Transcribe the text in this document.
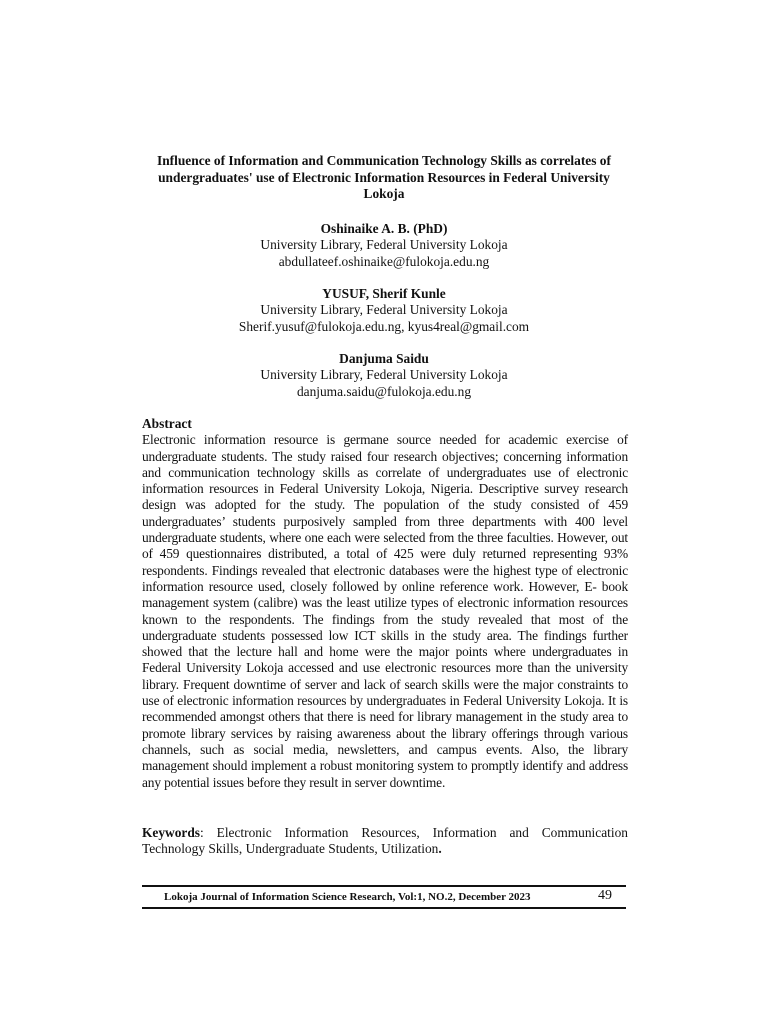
Influence of Information and Communication Technology Skills as correlates of undergraduates' use of Electronic Information Resources in Federal University Lokoja
Oshinaike A. B. (PhD)
University Library, Federal University Lokoja
abdullateef.oshinaike@fulokoja.edu.ng
YUSUF, Sherif Kunle
University Library, Federal University Lokoja
Sherif.yusuf@fulokoja.edu.ng, kyus4real@gmail.com
Danjuma Saidu
University Library, Federal University Lokoja
danjuma.saidu@fulokoja.edu.ng
Abstract

Electronic information resource is germane source needed for academic exercise of undergraduate students. The study raised four research objectives; concerning information and communication technology skills as correlate of undergraduates use of electronic information resources in Federal University Lokoja, Nigeria. Descriptive survey research design was adopted for the study. The population of the study consisted of 459 undergraduates’ students purposively sampled from three departments with 400 level undergraduate students, where one each were selected from the three faculties. However, out of 459 questionnaires distributed, a total of 425 were duly returned representing 93% respondents. Findings revealed that electronic databases were the highest type of electronic information resource used, closely followed by online reference work. However, E- book management system (calibre) was the least utilize types of electronic information resources known to the respondents. The findings from the study revealed that most of the undergraduate students possessed low ICT skills in the study area. The findings further showed that the lecture hall and home were the major points where undergraduates in Federal University Lokoja accessed and use electronic resources more than the university library. Frequent downtime of server and lack of search skills were the major constraints to use of electronic information resources by undergraduates in Federal University Lokoja. It is recommended amongst others that there is need for library management in the study area to promote library services by raising awareness about the library offerings through various channels, such as social media, newsletters, and campus events. Also, the library management should implement a robust monitoring system to promptly identify and address any potential issues before they result in server downtime.

Keywords: Electronic Information Resources, Information and Communication Technology Skills, Undergraduate Students, Utilization.

Lokoja Journal of Information Science Research, Vol:1, NO.2, December 2023	49
